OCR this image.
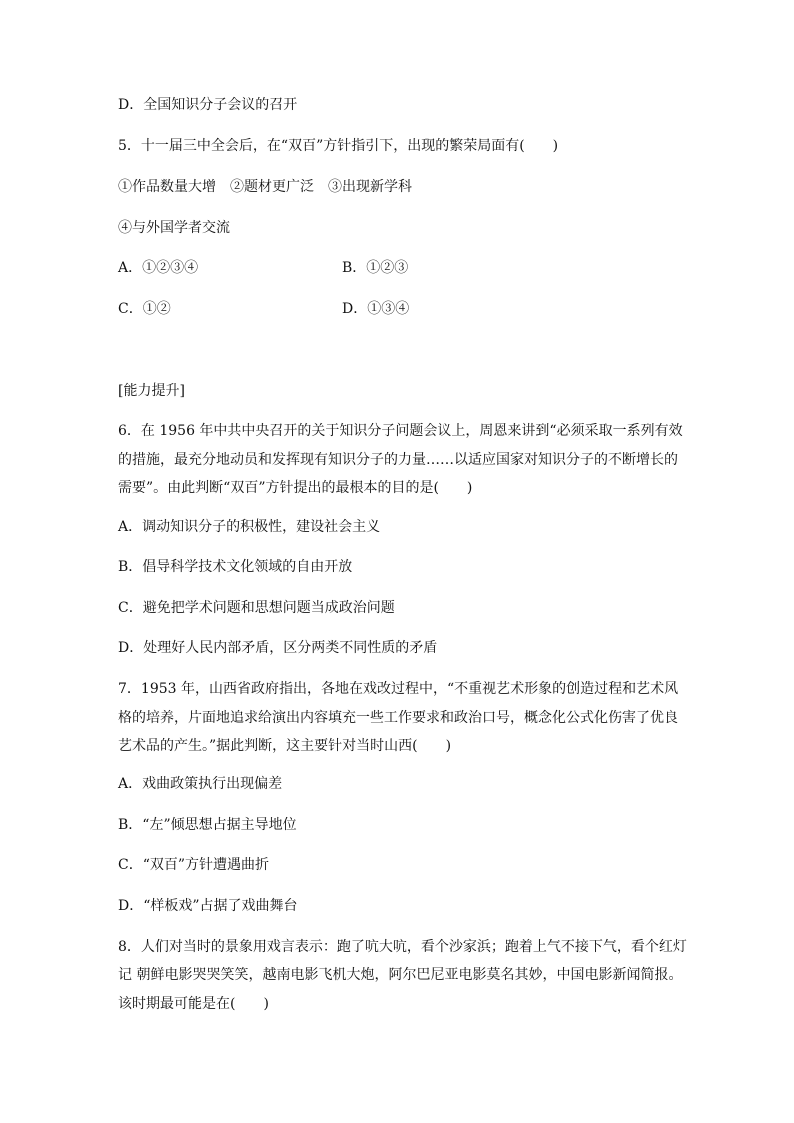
D．全国知识分子会议的召开
5．十一届三中全会后，在“双百”方针指引下，出现的繁荣局面有(　　)
①作品数量大增　②题材更广泛　③出现新学科
④与外国学者交流
A．①②③④	B．①②③
C．①②	D．①③④
[能力提升]
6．在 1956 年中共中央召开的关于知识分子问题会议上，周恩来讲到“必须采取一系列有效
的措施，最充分地动员和发挥现有知识分子的力量……以适应国家对知识分子的不断增长的
需要”。由此判断“双百”方针提出的最根本的目的是(　　)
A．调动知识分子的积极性，建设社会主义
B．倡导科学技术文化领域的自由开放
C．避免把学术问题和思想问题当成政治问题
D．处理好人民内部矛盾，区分两类不同性质的矛盾
7．1953 年，山西省政府指出，各地在戏改过程中，“不重视艺术形象的创造过程和艺术风
格的培养，片面地追求给演出内容填充一些工作要求和政治口号，概念化公式化伤害了优良
艺术品的产生。”据此判断，这主要针对当时山西(　　)
A．戏曲政策执行出现偏差
B．“左”倾思想占据主导地位
C．“双百”方针遭遇曲折
D．“样板戏”占据了戏曲舞台
8．人们对当时的景象用戏言表示：跑了吭大吭，看个沙家浜；跑着上气不接下气，看个红灯
记 朝鲜电影哭哭笑笑，越南电影飞机大炮，阿尔巴尼亚电影莫名其妙，中国电影新闻简报。
该时期最可能是在(　　)
